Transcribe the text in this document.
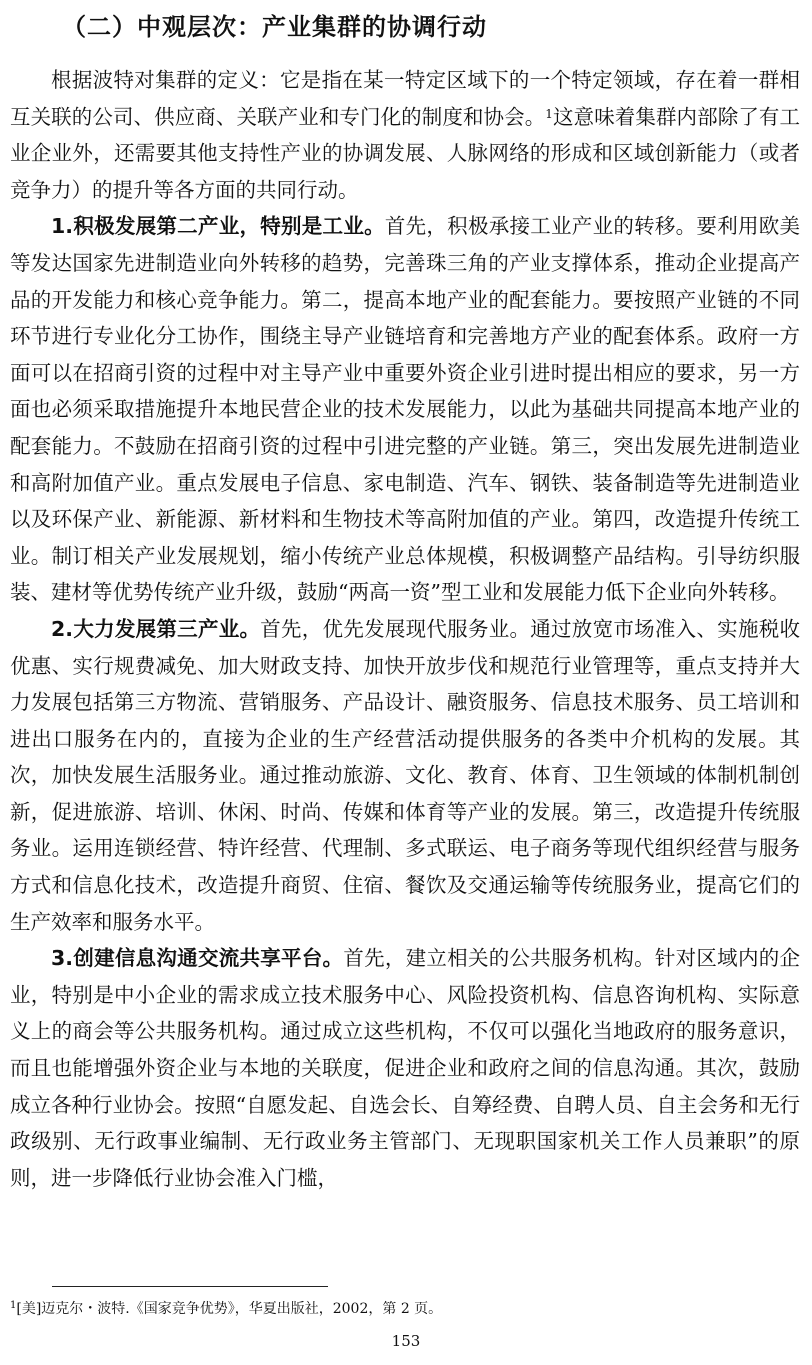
（二）中观层次：产业集群的协调行动

根据波特对集群的定义：它是指在某一特定区域下的一个特定领域，存在着一群相互关联的公司、供应商、关联产业和专门化的制度和协会。$^1$这意味着集群内部除了有工业企业外，还需要其他支持性产业的协调发展、人脉网络的形成和区域创新能力（或者竞争力）的提升等各方面的共同行动。

1.积极发展第二产业，特别是工业。首先，积极承接工业产业的转移。要利用欧美等发达国家先进制造业向外转移的趋势，完善珠三角的产业支撑体系，推动企业提高产品的开发能力和核心竞争能力。第二，提高本地产业的配套能力。要按照产业链的不同环节进行专业化分工协作，围绕主导产业链培育和完善地方产业的配套体系。政府一方面可以在招商引资的过程中对主导产业中重要外资企业引进时提出相应的要求，另一方面也必须采取措施提升本地民营企业的技术发展能力，以此为基础共同提高本地产业的配套能力。不鼓励在招商引资的过程中引进完整的产业链。第三，突出发展先进制造业和高附加值产业。重点发展电子信息、家电制造、汽车、钢铁、装备制造等先进制造业以及环保产业、新能源、新材料和生物技术等高附加值的产业。第四，改造提升传统工业。制订相关产业发展规划，缩小传统产业总体规模，积极调整产品结构。引导纺织服装、建材等优势传统产业升级，鼓励“两高一资”型工业和发展能力低下企业向外转移。

2.大力发展第三产业。首先，优先发展现代服务业。通过放宽市场准入、实施税收优惠、实行规费减免、加大财政支持、加快开放步伐和规范行业管理等，重点支持并大力发展包括第三方物流、营销服务、产品设计、融资服务、信息技术服务、员工培训和进出口服务在内的，直接为企业的生产经营活动提供服务的各类中介机构的发展。其次，加快发展生活服务业。通过推动旅游、文化、教育、体育、卫生领域的体制机制创新，促进旅游、培训、休闲、时尚、传媒和体育等产业的发展。第三，改造提升传统服务业。运用连锁经营、特许经营、代理制、多式联运、电子商务等现代组织经营与服务方式和信息化技术，改造提升商贸、住宿、餐饮及交通运输等传统服务业，提高它们的生产效率和服务水平。

3.创建信息沟通交流共享平台。首先，建立相关的公共服务机构。针对区域内的企业，特别是中小企业的需求成立技术服务中心、风险投资机构、信息咨询机构、实际意义上的商会等公共服务机构。通过成立这些机构，不仅可以强化当地政府的服务意识，而且也能增强外资企业与本地的关联度，促进企业和政府之间的信息沟通。其次，鼓励成立各种行业协会。按照“自愿发起、自选会长、自筹经费、自聘人员、自主会务和无行政级别、无行政事业编制、无行政业务主管部门、无现职国家机关工作人员兼职”的原则，进一步降低行业协会准入门槛，

$^1$[美]迈克尔・波特.《国家竞争优势》，华夏出版社，2002，第 2 页。
153
